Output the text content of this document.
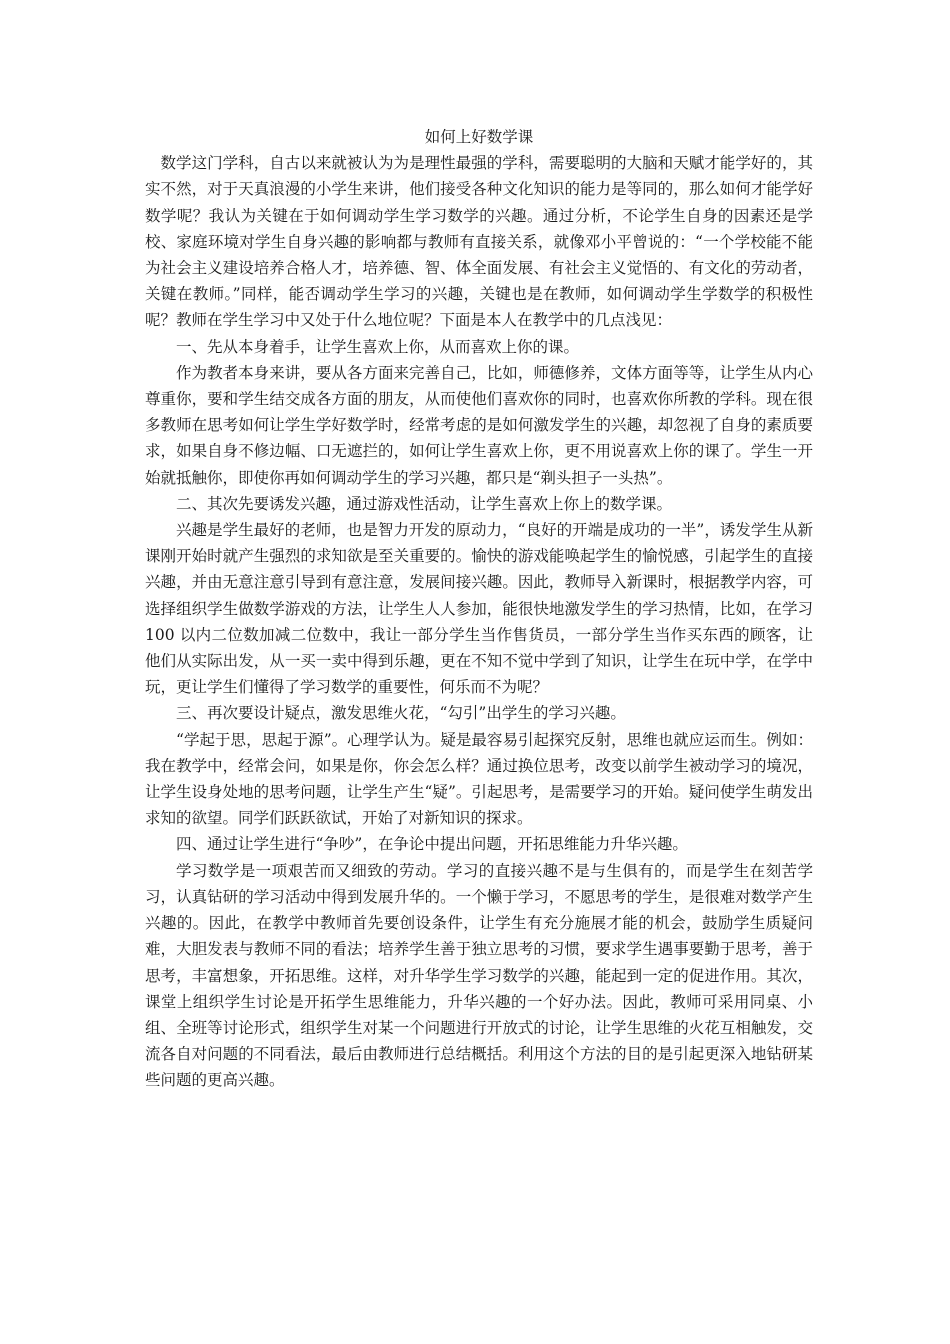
如何上好数学课

数学这门学科，自古以来就被认为为是理性最强的学科，需要聪明的大脑和天赋才能学好的，其实不然，对于天真浪漫的小学生来讲，他们接受各种文化知识的能力是等同的，那么如何才能学好数学呢？我认为关键在于如何调动学生学习数学的兴趣。通过分析，不论学生自身的因素还是学校、家庭环境对学生自身兴趣的影响都与教师有直接关系，就像邓小平曾说的：“一个学校能不能为社会主义建设培养合格人才，培养德、智、体全面发展、有社会主义觉悟的、有文化的劳动者，关键在教师。”同样，能否调动学生学习的兴趣，关键也是在教师，如何调动学生学数学的积极性呢？教师在学生学习中又处于什么地位呢？下面是本人在教学中的几点浅见：

一、先从本身着手，让学生喜欢上你，从而喜欢上你的课。

作为教者本身来讲，要从各方面来完善自己，比如，师德修养，文体方面等等，让学生从内心尊重你，要和学生结交成各方面的朋友，从而使他们喜欢你的同时，也喜欢你所教的学科。现在很多教师在思考如何让学生学好数学时，经常考虑的是如何激发学生的兴趣，却忽视了自身的素质要求，如果自身不修边幅、口无遮拦的，如何让学生喜欢上你，更不用说喜欢上你的课了。学生一开始就抵触你，即使你再如何调动学生的学习兴趣，都只是“剃头担子一头热”。

二、其次先要诱发兴趣，通过游戏性活动，让学生喜欢上你上的数学课。

兴趣是学生最好的老师，也是智力开发的原动力，“良好的开端是成功的一半”，诱发学生从新课刚开始时就产生强烈的求知欲是至关重要的。愉快的游戏能唤起学生的愉悦感，引起学生的直接兴趣，并由无意注意引导到有意注意，发展间接兴趣。因此，教师导入新课时，根据教学内容，可选择组织学生做数学游戏的方法，让学生人人参加，能很快地激发学生的学习热情，比如，在学习 100 以内二位数加减二位数中，我让一部分学生当作售货员，一部分学生当作买东西的顾客，让他们从实际出发，从一买一卖中得到乐趣，更在不知不觉中学到了知识，让学生在玩中学，在学中玩，更让学生们懂得了学习数学的重要性，何乐而不为呢？

三、再次要设计疑点，激发思维火花，“勾引”出学生的学习兴趣。

“学起于思，思起于源”。心理学认为。疑是最容易引起探究反射，思维也就应运而生。例如：我在教学中，经常会问，如果是你，你会怎么样？通过换位思考，改变以前学生被动学习的境况，让学生设身处地的思考问题，让学生产生“疑”。引起思考，是需要学习的开始。疑问使学生萌发出求知的欲望。同学们跃跃欲试，开始了对新知识的探求。

四、通过让学生进行“争吵”，在争论中提出问题，开拓思维能力升华兴趣。

学习数学是一项艰苦而又细致的劳动。学习的直接兴趣不是与生俱有的，而是学生在刻苦学习，认真钻研的学习活动中得到发展升华的。一个懒于学习，不愿思考的学生，是很难对数学产生兴趣的。因此，在教学中教师首先要创设条件，让学生有充分施展才能的机会，鼓励学生质疑问难，大胆发表与教师不同的看法；培养学生善于独立思考的习惯，要求学生遇事要勤于思考，善于思考，丰富想象，开拓思维。这样，对升华学生学习数学的兴趣，能起到一定的促进作用。其次，课堂上组织学生讨论是开拓学生思维能力，升华兴趣的一个好办法。因此，教师可采用同桌、小组、全班等讨论形式，组织学生对某一个问题进行开放式的讨论，让学生思维的火花互相触发，交流各自对问题的不同看法，最后由教师进行总结概括。利用这个方法的目的是引起更深入地钻研某些问题的更高兴趣。
